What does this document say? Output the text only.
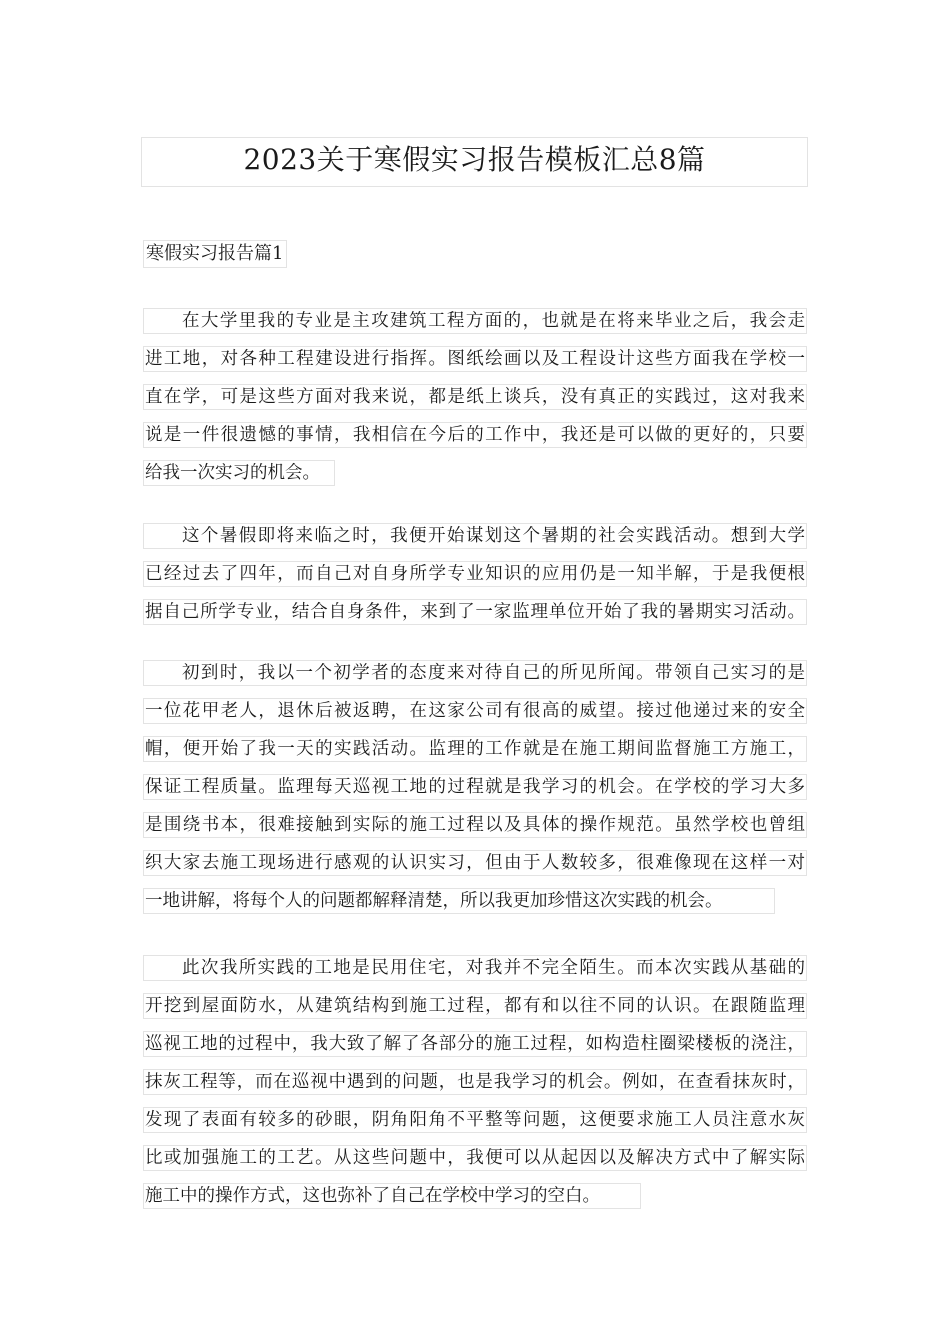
2023关于寒假实习报告模板汇总8篇
寒假实习报告篇1
在大学里我的专业是主攻建筑工程方面的，也就是在将来毕业之后，我会走
进工地，对各种工程建设进行指挥。图纸绘画以及工程设计这些方面我在学校一
直在学，可是这些方面对我来说，都是纸上谈兵，没有真正的实践过，这对我来
说是一件很遗憾的事情，我相信在今后的工作中，我还是可以做的更好的，只要
给我一次实习的机会。
这个暑假即将来临之时，我便开始谋划这个暑期的社会实践活动。想到大学
已经过去了四年，而自己对自身所学专业知识的应用仍是一知半解，于是我便根
据自己所学专业，结合自身条件，来到了一家监理单位开始了我的暑期实习活动。
初到时，我以一个初学者的态度来对待自己的所见所闻。带领自己实习的是
一位花甲老人，退休后被返聘，在这家公司有很高的威望。接过他递过来的安全
帽，便开始了我一天的实践活动。监理的工作就是在施工期间监督施工方施工，
保证工程质量。监理每天巡视工地的过程就是我学习的机会。在学校的学习大多
是围绕书本，很难接触到实际的施工过程以及具体的操作规范。虽然学校也曾组
织大家去施工现场进行感观的认识实习，但由于人数较多，很难像现在这样一对
一地讲解，将每个人的问题都解释清楚，所以我更加珍惜这次实践的机会。
此次我所实践的工地是民用住宅，对我并不完全陌生。而本次实践从基础的
开挖到屋面防水，从建筑结构到施工过程，都有和以往不同的认识。在跟随监理
巡视工地的过程中，我大致了解了各部分的施工过程，如构造柱圈梁楼板的浇注，
抹灰工程等，而在巡视中遇到的问题，也是我学习的机会。例如，在查看抹灰时，
发现了表面有较多的砂眼，阴角阳角不平整等问题，这便要求施工人员注意水灰
比或加强施工的工艺。从这些问题中，我便可以从起因以及解决方式中了解实际
施工中的操作方式，这也弥补了自己在学校中学习的空白。
